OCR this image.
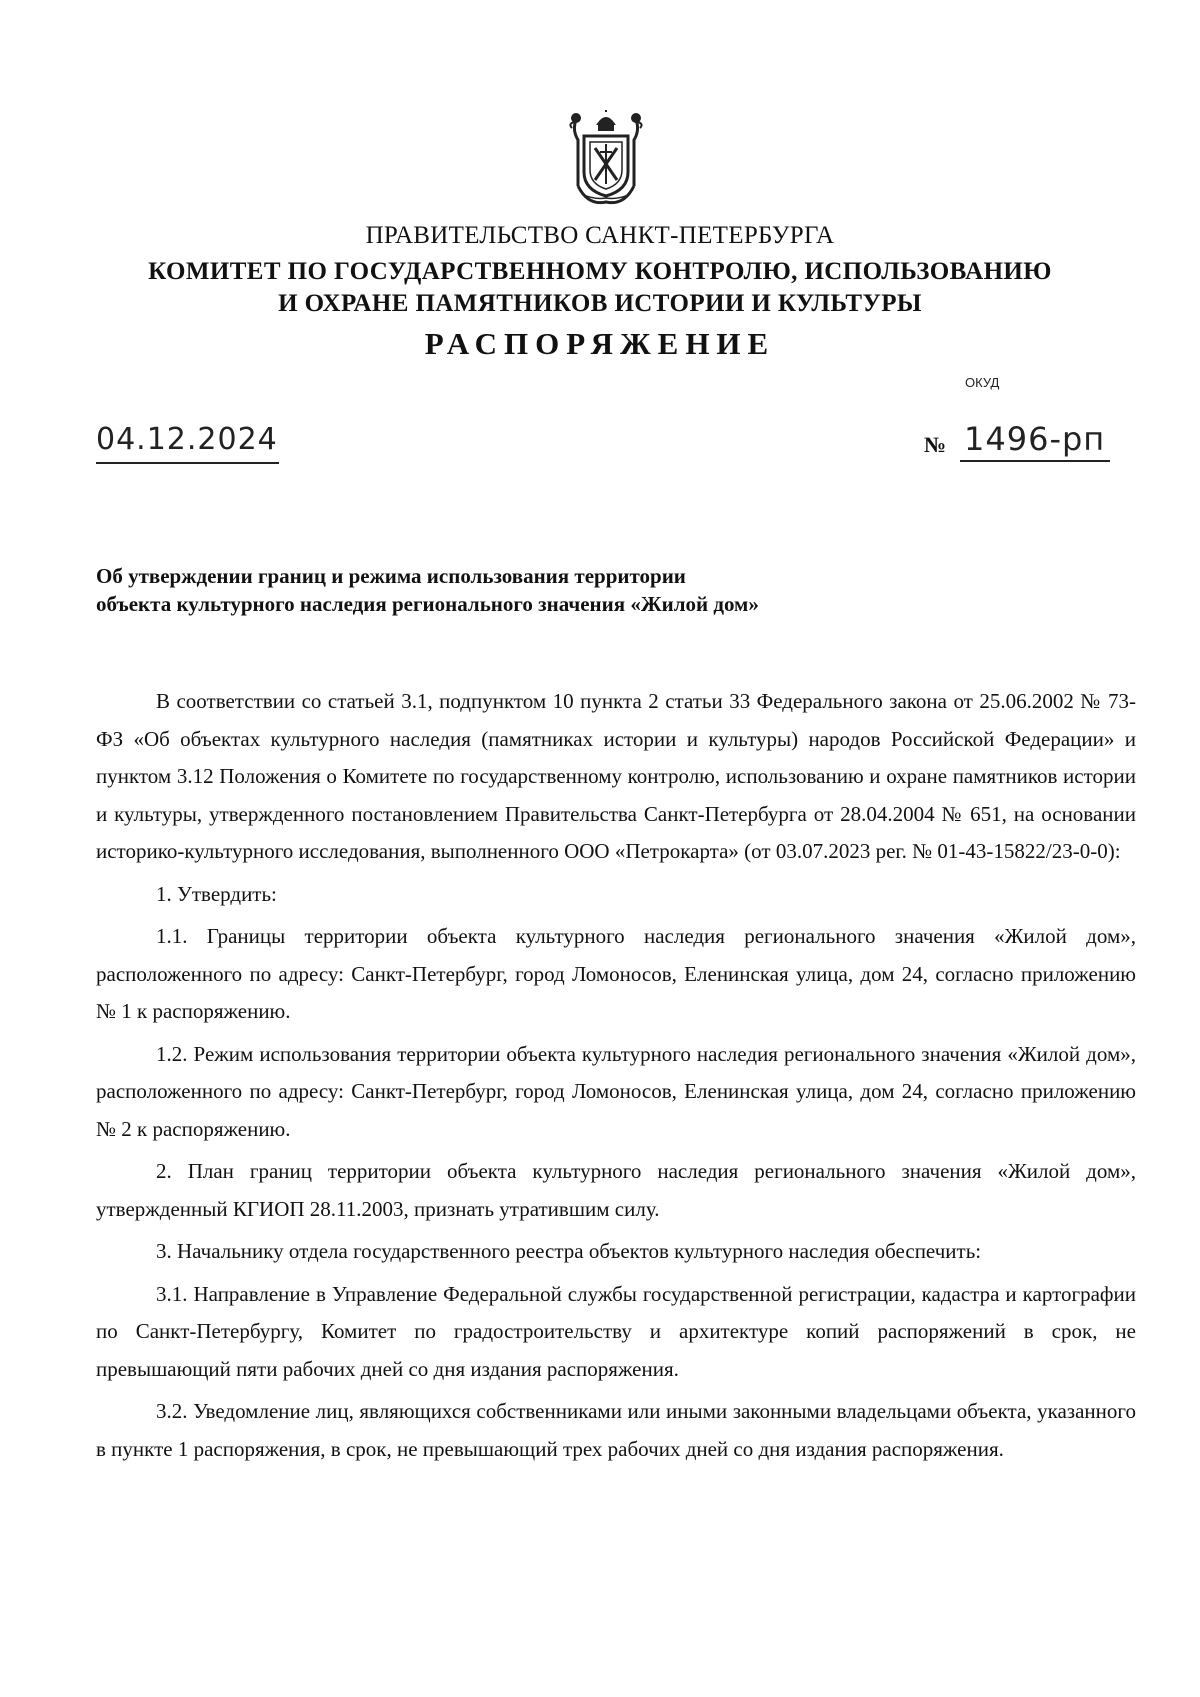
ПРАВИТЕЛЬСТВО САНКТ-ПЕТЕРБУРГА
КОМИТЕТ ПО ГОСУДАРСТВЕННОМУ КОНТРОЛЮ, ИСПОЛЬЗОВАНИЮ
И ОХРАНЕ ПАМЯТНИКОВ ИСТОРИИ И КУЛЬТУРЫ
РАСПОРЯЖЕНИЕ
ОКУД
04.12.2024	№ 1496-рп
Об утверждении границ и режима использования территории
объекта культурного наследия регионального значения «Жилой дом»

В соответствии со статьей 3.1, подпунктом 10 пункта 2 статьи 33 Федерального закона от 25.06.2002 № 73-ФЗ «Об объектах культурного наследия (памятниках истории и культуры) народов Российской Федерации» и пунктом 3.12 Положения о Комитете по государственному контролю, использованию и охране памятников истории и культуры, утвержденного постановлением Правительства Санкт-Петербурга от 28.04.2004 № 651, на основании историко-культурного исследования, выполненного ООО «Петрокарта» (от 03.07.2023 рег. № 01-43-15822/23-0-0):

1. Утвердить:

1.1. Границы территории объекта культурного наследия регионального значения «Жилой дом», расположенного по адресу: Санкт-Петербург, город Ломоносов, Еленинская улица, дом 24, согласно приложению № 1 к распоряжению.

1.2. Режим использования территории объекта культурного наследия регионального значения «Жилой дом», расположенного по адресу: Санкт-Петербург, город Ломоносов, Еленинская улица, дом 24, согласно приложению № 2 к распоряжению.

2. План границ территории объекта культурного наследия регионального значения «Жилой дом», утвержденный КГИОП 28.11.2003, признать утратившим силу.

3. Начальнику отдела государственного реестра объектов культурного наследия обеспечить:

3.1. Направление в Управление Федеральной службы государственной регистрации, кадастра и картографии по Санкт-Петербургу, Комитет по градостроительству и архитектуре копий распоряжений в срок, не превышающий пяти рабочих дней со дня издания распоряжения.

3.2. Уведомление лиц, являющихся собственниками или иными законными владельцами объекта, указанного в пункте 1 распоряжения, в срок, не превышающий трех рабочих дней со дня издания распоряжения.
